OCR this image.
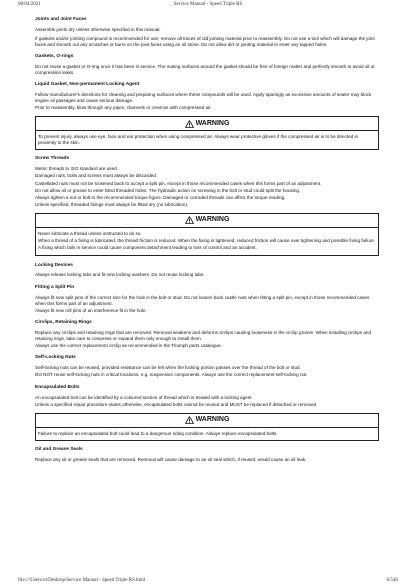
08/04/2021	Service Manual - Speed Triple RS
Joints and Joint Faces
Assemble joints dry unless otherwise specified in this manual.
If gaskets and/or jointing compound is recommended for use; remove all traces of old jointing material prior to reassembly. Do not use a tool which will damage the joint faces and smooth out any scratches or burrs on the joint faces using an oil stone. Do not allow dirt or jointing material to enter any tapped holes.
Gaskets, O-rings
Do not reuse a gasket or O-ring once it has been in service. The mating surfaces around the gasket should be free of foreign matter and perfectly smooth to avoid oil or compression leaks.
Liquid Gasket, Non-permanent Locking Agent
Follow manufacturer's directions for cleaning and preparing surfaces where these compounds will be used. Apply sparingly as excessive amounts of sealer may block engine oil passages and cause serious damage.
Prior to reassembly, blow through any pipes, channels or crevices with compressed air.
WARNING
To prevent injury, always use eye, face and ear protection when using compressed air. Always wear protective gloves if the compressed air is to be directed in proximity to the skin.
Screw Threads
Metric threads to ISO standard are used.
Damaged nuts, bolts and screws must always be discarded.
Castellated nuts must not be loosened back to accept a split pin, except in those recommended cases when this forms part of an adjustment.
Do not allow oil or grease to enter blind threaded holes. The hydraulic action on screwing in the bolt or stud could split the housing.
Always tighten a nut or bolt to the recommended torque figure. Damaged or corroded threads can affect the torque reading.
Unless specified, threaded fixings must always be fitted dry (no lubrication).
WARNING
Never lubricate a thread unless instructed to do so.
When a thread of a fixing is lubricated, the thread friction is reduced. When the fixing is tightened, reduced friction will cause over tightening and possible fixing failure.
A fixing which fails in service could cause component detachment leading to loss of control and an accident.
Locking Devices
Always release locking tabs and fit new locking washers. Do not reuse locking tabs.
Fitting a Split Pin
Always fit new split pins of the correct size for the hole in the bolt or stud. Do not loosen back castle nuts when fitting a split pin, except in those recommended cases when this forms part of an adjustment.
Always fit new roll pins of an interference fit in the hole.
Circlips, Retaining Rings
Replace any circlips and retaining rings that are removed. Removal weakens and deforms circlips causing looseness in the circlip groove. When installing circlips and retaining rings, take care to compress or expand them only enough to install them.
Always use the correct replacement circlip as recommended in the Triumph parts catalogue.
Self-Locking Nuts
Self-locking nuts can be reused, provided resistance can be felt when the locking portion passes over the thread of the bolt or stud.
DO NOT reuse self-locking nuts in critical locations, e.g. suspension components. Always use the correct replacement self-locking nut.
Encapsulated Bolts
An encapsulated bolt can be identified by a coloured section of thread which is treated with a locking agent.
Unless a specified repair procedure states otherwise, encapsulated bolts cannot be reused and MUST be replaced if disturbed or removed.
WARNING
Failure to replace an encapsulated bolt could lead to a dangerous riding condition. Always replace encapsulated bolts.
Oil and Grease Seals
Replace any oil or grease seals that are removed. Removal will cause damage to an oil seal which, if reused, would cause an oil leak.
file:///Users/ol/Desktop/Service Manual - Speed Triple RS.html	6/546
